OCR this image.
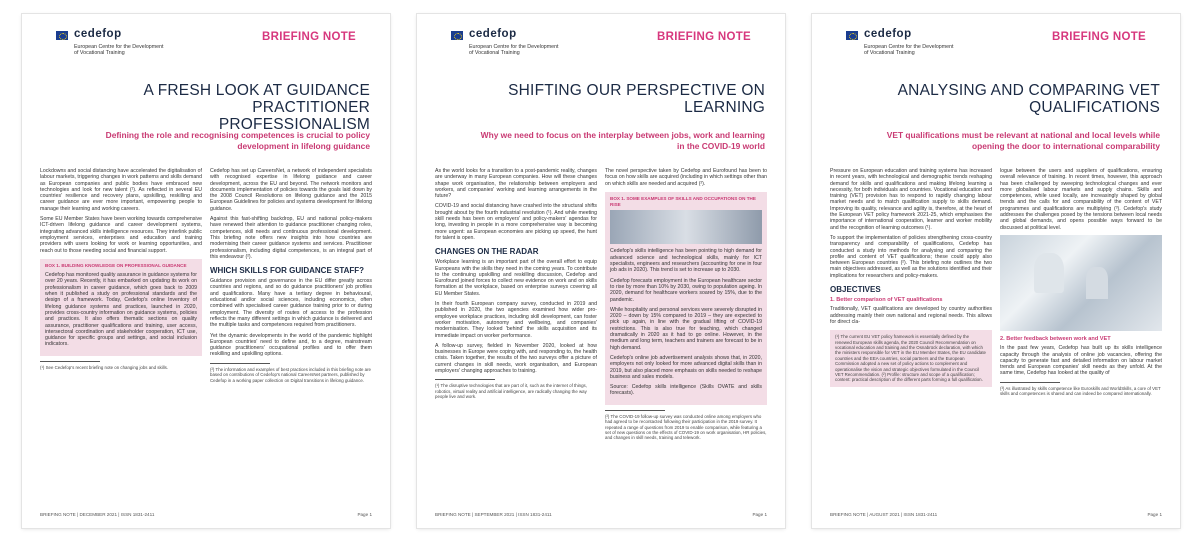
cedefop
European Centre for the Development of Vocational Training
BRIEFING NOTE
A FRESH LOOK AT GUIDANCE PRACTITIONER PROFESSIONALISM
Defining the role and recognising competences is crucial to policy development in lifelong guidance

Lockdowns and social distancing have accelerated the digitalisation of labour markets, triggering changes in work patterns and skills demand as European companies and public bodies have embraced new technologies and look for new talent (¹). As reflected in several EU countries' resilience and recovery plans, upskilling, reskilling and career guidance are ever more important, empowering people to manage their learning and working careers.

Some EU Member States have been working towards comprehensive ICT-driven lifelong guidance and career development systems, integrating advanced skills intelligence resources. They interlink public employment services, enterprises and education and training providers with users looking for work or learning opportunities, and reach out to those needing social and financial support.

BOX 1. BUILDING KNOWLEDGE ON PROFESSIONAL GUIDANCE

Cedefop has monitored quality assurance in guidance systems for over 20 years. Recently, it has embarked on updating its work on professionalism in career guidance, which goes back to 2009 when it published a study on professional standards and the design of a framework. Today, Cedefop's online Inventory of lifelong guidance systems and practices, launched in 2020, provides cross-country information on guidance systems, policies and practices. It also offers thematic sections on quality assurance, practitioner qualifications and training, user access, intersectoral coordination and stakeholder cooperation, ICT use, guidance for specific groups and settings, and social inclusion indicators.

(¹) See Cedefop's recent briefing note on changing jobs and skills.

Cedefop has set up CareersNet, a network of independent specialists with recognised expertise in lifelong guidance and career development, across the EU and beyond. The network monitors and documents implementation of policies towards the goals laid down by the 2008 Council Resolutions on lifelong guidance and the 2015 European Guidelines for policies and systems development for lifelong guidance.

Against this fast-shifting backdrop, EU and national policy-makers have renewed their attention to guidance practitioner changing roles, competences, skill needs and continuous professional development. This briefing note offers new insights into how countries are modernising their career guidance systems and services. Practitioner professionalism, including digital competences, is an integral part of this endeavour (²).

WHICH SKILLS FOR GUIDANCE STAFF?

Guidance provision and governance in the EU differ greatly across countries and regions, and so do guidance practitioners' job profiles and qualifications. Many have a tertiary degree in behavioural, educational and/or social sciences, including economics, often combined with specialised career guidance training prior to or during employment. The diversity of routes of access to the profession reflects the many different settings in which guidance is delivered and the multiple tasks and competences required from practitioners.

Yet the dynamic developments in the world of the pandemic highlight European countries' need to define and, to a degree, mainstream guidance practitioners' occupational profiles and to offer them reskilling and upskilling options.

(²) The information and examples of best practices included in this briefing note are based on contributions of Cedefop's national CareersNet partners, published by Cedefop in a working paper collection on Digital transitions in lifelong guidance.

BRIEFING NOTE | DECEMBER 2021 | ISSN 1831-2411	Page 1
cedefop
European Centre for the Development of Vocational Training
BRIEFING NOTE
SHIFTING OUR PERSPECTIVE ON LEARNING
Why we need to focus on the interplay between jobs, work and learning in the COVID-19 world

As the world looks for a transition to a post-pandemic reality, changes are underway in many European companies. How will these changes shape work organisation, the relationship between employers and workers, and companies' working and learning arrangements in the future?

COVID-19 and social distancing have crashed into the structural shifts brought about by the fourth industrial revolution (¹). And while meeting skill needs has been on employers' and policy-makers' agendas for long, investing in people in a more comprehensive way is becoming more urgent: as European economies are picking up speed, the hunt for talent is open.

CHANGES ON THE RADAR

Workplace learning is an important part of the overall effort to equip Europeans with the skills they need in the coming years. To contribute to the continuing upskilling and reskilling discussion, Cedefop and Eurofound joined forces to collect new evidence on work and on skills formation at the workplace, based on enterprise surveys covering all EU Member States.

In their fourth European company survey, conducted in 2019 and published in 2020, the two agencies examined how wider pro-employee workplace practices, including skill development, can foster worker motivation, autonomy and wellbeing, and companies' modernisation. They looked 'behind' the skills acquisition and its immediate impact on worker performance.

A follow-up survey, fielded in November 2020, looked at how businesses in Europe were coping with, and responding to, the health crisis. Taken together, the results of the two surveys offer a picture of current changes in skill needs, work organisation, and European employers' changing approaches to training.

(¹) The disruptive technologies that are part of it, such as the internet of things, robotics, virtual reality and artificial intelligence, are radically changing the way people live and work.

The novel perspective taken by Cedefop and Eurofound has been to focus on how skills are acquired (including in which settings other than on which skills are needed and acquired (²).

BOX 1. SOME EXAMPLES OF SKILLS AND OCCUPATIONS ON THE RISE

Cedefop's skills intelligence has been pointing to high demand for advanced science and technological skills, mainly for ICT specialists, engineers and researchers (accounting for one in four job ads in 2020). This trend is set to increase up to 2030.

Cedefop forecasts employment in the European healthcare sector to rise by more than 10% by 2030, owing to population ageing. In 2020, demand for healthcare workers soared by 15%, due to the pandemic.

While hospitality and personal services were severely disrupted in 2020 – down by 15% compared to 2019 – they are expected to pick up again, in line with the gradual lifting of COVID-19 restrictions. This is also true for teaching, which changed dramatically in 2020 as it had to go online. However, in the medium and long term, teachers and trainers are forecast to be in high demand.

Cedefop's online job advertisement analysis shows that, in 2020, employers not only looked for more advanced digital skills than in 2019, but also placed more emphasis on skills needed to reshape business and sales models.

Source: Cedefop skills intelligence (Skills OVATE and skills forecasts).

(²) The COVID-19 follow-up survey was conducted online among employers who had agreed to be recontacted following their participation in the 2019 survey. It repeated a range of questions from 2019 to enable comparison, while featuring a set of new questions on the effects of COVID-19 on work organisation, HR policies, and changes in skill needs, training and telework.

BRIEFING NOTE | SEPTEMBER 2021 | ISSN 1831-2411	Page 1
cedefop
European Centre for the Development of Vocational Training
BRIEFING NOTE
ANALYSING AND COMPARING VET QUALIFICATIONS
VET qualifications must be relevant at national and local levels while opening the door to international comparability

Pressure on European education and training systems has increased in recent years, with technological and demographic trends reshaping demand for skills and qualifications and making lifelong learning a necessity, for both individuals and countries. Vocational education and training (VET) provision has to respond to rapidly changing labour market needs and to match qualification supply to skills demand. Improving its quality, relevance and agility is, therefore, at the heart of the European VET policy framework 2021-25, which emphasises the importance of international cooperation, learner and worker mobility and the recognition of learning outcomes (¹).

To support the implementation of policies strengthening cross-country transparency and comparability of qualifications, Cedefop has conducted a study into methods for analysing and comparing the profile and content of VET qualifications; these could apply also between European countries (²). This briefing note outlines the two main objectives addressed, as well as the solutions identified and their implications for researchers and policy-makers.

OBJECTIVES
1. Better comparison of VET qualifications

Traditionally, VET qualifications are developed by country authorities addressing mainly their own national and regional needs. This allows for direct cla-

(¹) The current EU VET policy framework is essentially defined by the renewed European skills agenda, the 2020 Council Recommendation on vocational education and training and the Osnabrück declaration, with which the ministers responsible for VET in the EU Member States, the EU candidate countries and the EEA countries, social partners and the European Commission adopted a new set of policy actions to complement and operationalise the vision and strategic objectives formulated in the Council VET Recommendation. (²) Profile: structure and scope of a qualification; content: practical description of the different parts forming a full qualification.

logue between the users and suppliers of qualifications, ensuring overall relevance of training. In recent times, however, this approach has been challenged by sweeping technological changes and ever more globalised labour markets and supply chains. Skills and competences, while used locally, are increasingly shaped by global trends and the calls for and comparability of the content of VET programmes and qualifications are multiplying (³). Cedefop's study addresses the challenges posed by the tensions between local needs and global demands, and opens possible ways forward to be discussed at political level.

2. Better feedback between work and VET

In the past few years, Cedefop has built up its skills intelligence capacity through the analysis of online job vacancies, offering the capacity to generate fast and detailed information on labour market trends and European companies' skill needs as they unfold. At the same time, Cedefop has looked at the quality of

(³) As illustrated by skills competence like Euroskills and WorldSkills, a core of VET skills and competences is shared and can indeed be compared internationally.

BRIEFING NOTE | AUGUST 2021 | ISSN 1831-2411	Page 1
